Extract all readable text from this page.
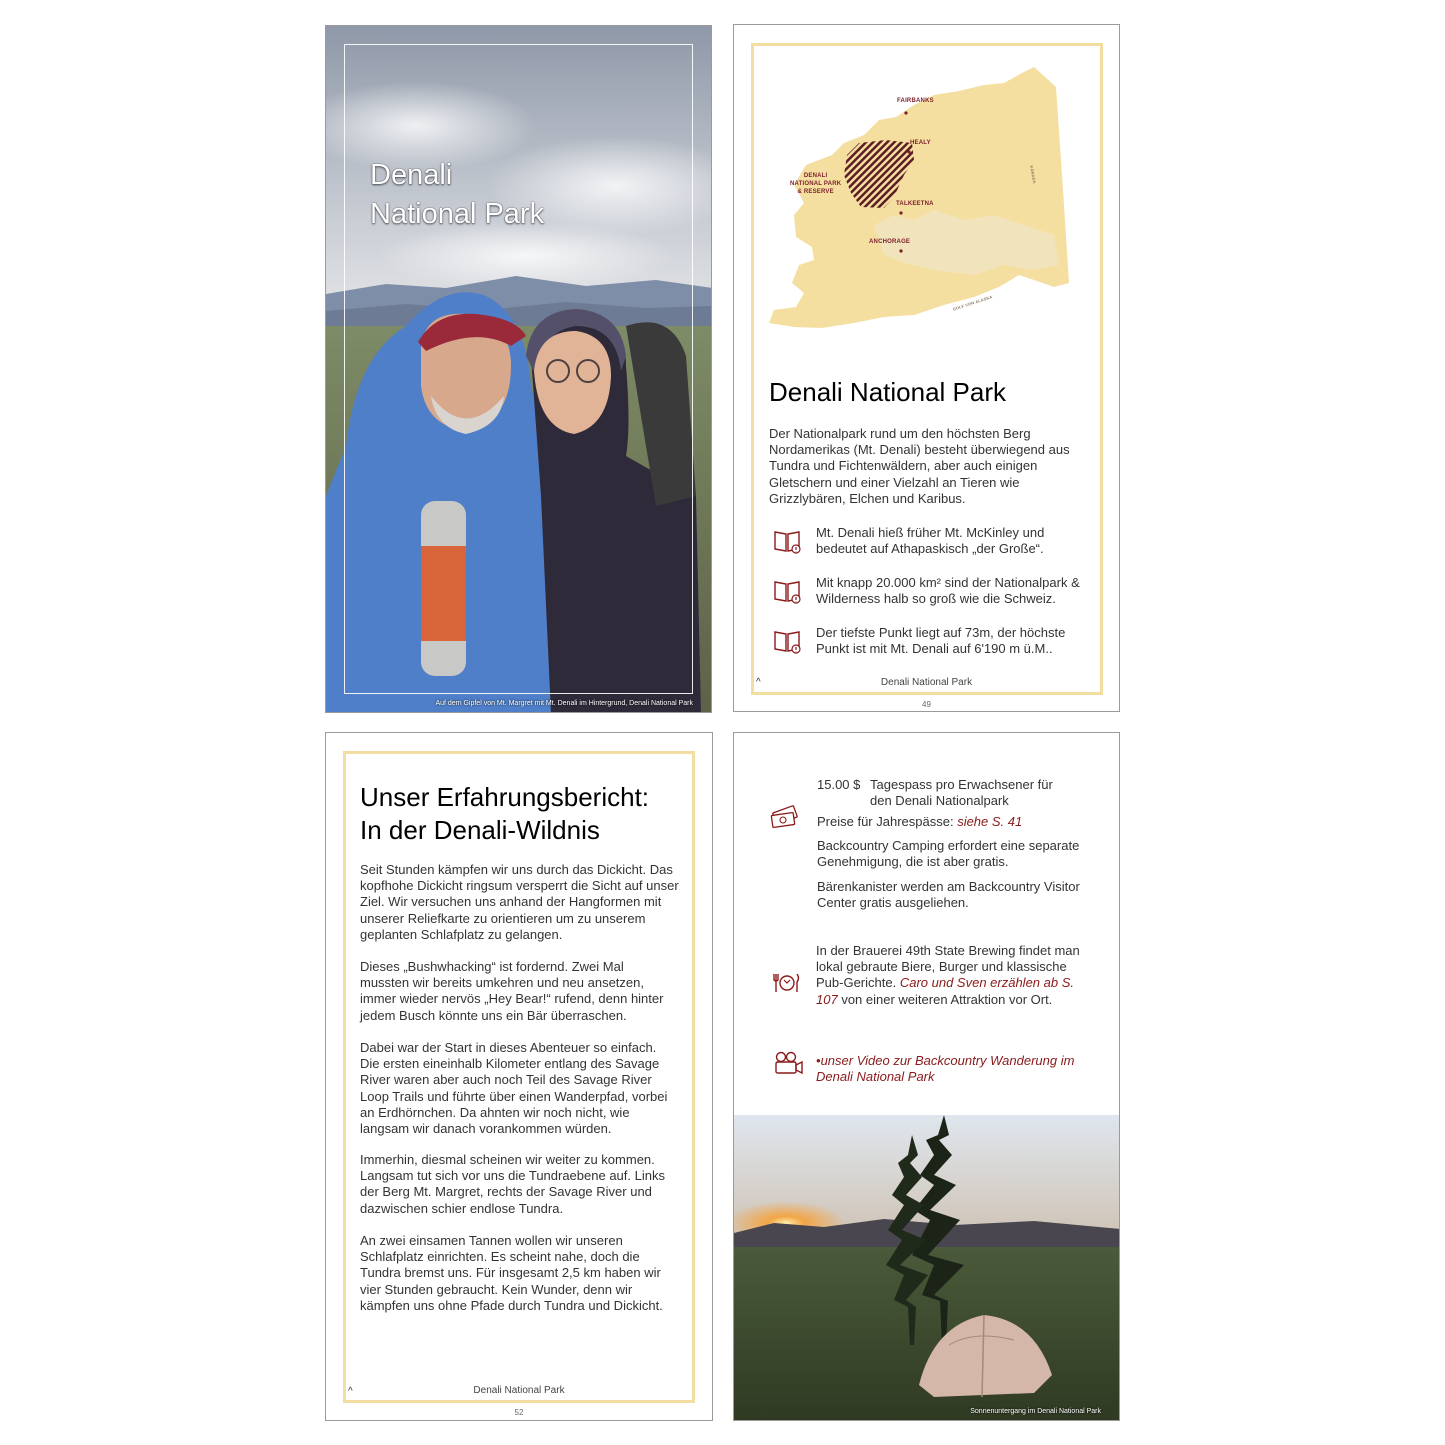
Denali
National Park
Auf dem Gipfel von Mt. Margret mit Mt. Denali im Hintergrund, Denali National Park
FAIRBANKS
HEALY
DENALI
NATIONAL PARK
& RESERVE
TALKEETNA
ANCHORAGE
KANADA
GOLF VON ALASKA
Denali National Park
Der Nationalpark rund um den höchsten Berg Nordamerikas (Mt. Denali) besteht überwiegend aus Tundra und Fichtenwäldern, aber auch einigen Gletschern und einer Vielzahl an Tieren wie Grizzlybären, Elchen und Karibus.
Mt. Denali hieß früher Mt. McKinley und bedeutet auf Athapaskisch „der Große“.
Mit knapp 20.000 km² sind der Nationalpark & Wilderness halb so groß wie die Schweiz.
Der tiefste Punkt liegt auf 73m, der höchste Punkt ist mit Mt. Denali auf 6'190 m ü.M..
^	Denali National Park
49
Unser Erfahrungsbericht:
In der Denali-Wildnis
Seit Stunden kämpfen wir uns durch das Dickicht. Das kopfhohe Dickicht ringsum versperrt die Sicht auf unser Ziel. Wir versuchen uns anhand der Hangformen mit unserer Reliefkarte zu orientieren um zu unserem geplanten Schlafplatz zu gelangen.
Dieses „Bushwhacking“ ist fordernd. Zwei Mal mussten wir bereits umkehren und neu ansetzen, immer wieder nervös „Hey Bear!“ rufend, denn hinter jedem Busch könnte uns ein Bär überraschen.
Dabei war der Start in dieses Abenteuer so einfach. Die ersten eineinhalb Kilometer entlang des Savage River waren aber auch noch Teil des Savage River Loop Trails und führte über einen Wanderpfad, vorbei an Erdhörnchen. Da ahnten wir noch nicht, wie langsam wir danach vorankommen würden.
Immerhin, diesmal scheinen wir weiter zu kommen. Langsam tut sich vor uns die Tundraebene auf. Links der Berg Mt. Margret, rechts der Savage River und dazwischen schier endlose Tundra.
An zwei einsamen Tannen wollen wir unseren Schlafplatz einrichten. Es scheint nahe, doch die Tundra bremst uns. Für insgesamt 2,5 km haben wir vier Stunden gebraucht. Kein Wunder, denn wir kämpfen uns ohne Pfade durch Tundra und Dickicht.
^	Denali National Park
52
15.00 $ Tagespass pro Erwachsener für den Denali Nationalpark
Preise für Jahrespässe: siehe S. 41
Backcountry Camping erfordert eine separate Genehmigung, die ist aber gratis.
Bärenkanister werden am Backcountry Visitor Center gratis ausgeliehen.
In der Brauerei 49th State Brewing findet man lokal gebraute Biere, Burger und klassische Pub-Gerichte. Caro und Sven erzählen ab S. 107 von einer weiteren Attraktion vor Ort.
•unser Video zur Backcountry Wanderung im Denali National Park
Sonnenuntergang im Denali National Park
